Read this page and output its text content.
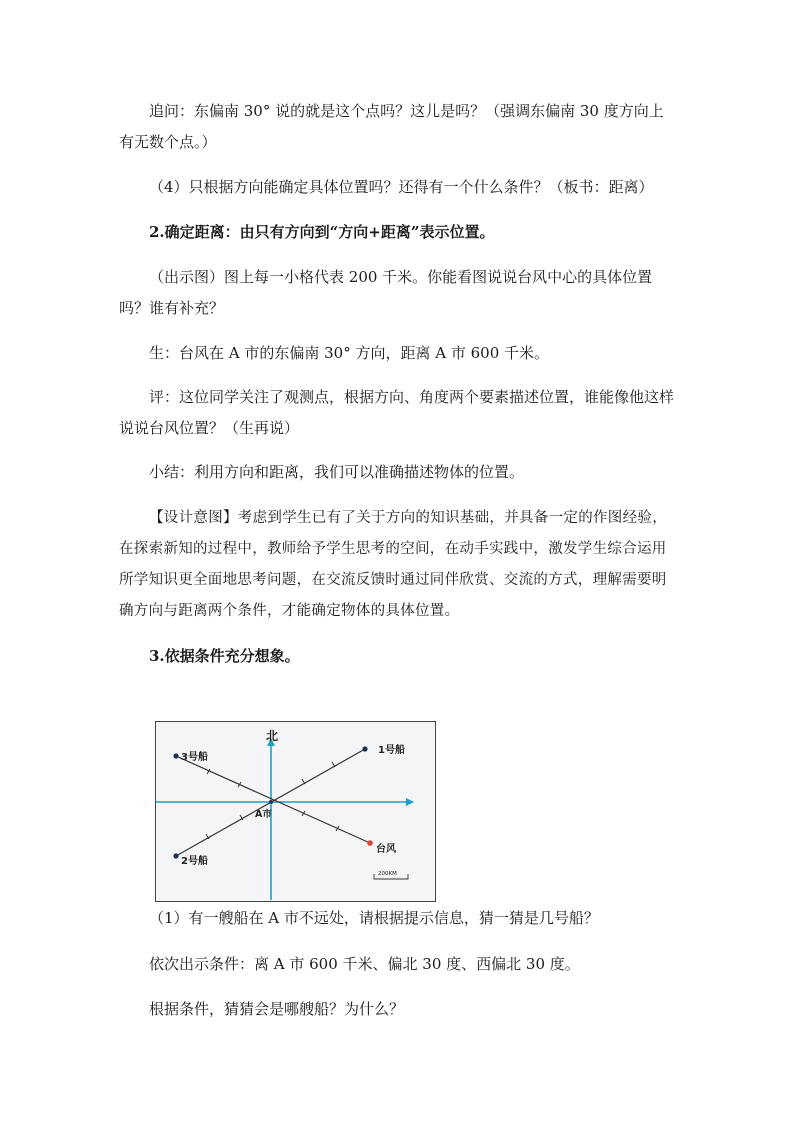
追问：东偏南 30° 说的就是这个点吗？这儿是吗？（强调东偏南 30 度方向上有无数个点。）

（4）只根据方向能确定具体位置吗？还得有一个什么条件？（板书：距离）

2.确定距离：由只有方向到“方向+距离”表示位置。

（出示图）图上每一小格代表 200 千米。你能看图说说台风中心的具体位置吗？谁有补充？

生：台风在 A 市的东偏南 30° 方向，距离 A 市 600 千米。

评：这位同学关注了观测点，根据方向、角度两个要素描述位置，谁能像他这样说说台风位置？（生再说）

小结：利用方向和距离，我们可以准确描述物体的位置。

【设计意图】考虑到学生已有了关于方向的知识基础，并具备一定的作图经验，在探索新知的过程中，教师给予学生思考的空间，在动手实践中，激发学生综合运用所学知识更全面地思考问题，在交流反馈时通过同伴欣赏、交流的方式，理解需要明确方向与距离两个条件，才能确定物体的具体位置。

3.依据条件充分想象。

北
A市
1号船
2号船
3号船
台风
200KM

（1）有一艘船在 A 市不远处，请根据提示信息，猜一猜是几号船？

依次出示条件：离 A 市 600 千米、偏北 30 度、西偏北 30 度。

根据条件，猜猜会是哪艘船？为什么？
